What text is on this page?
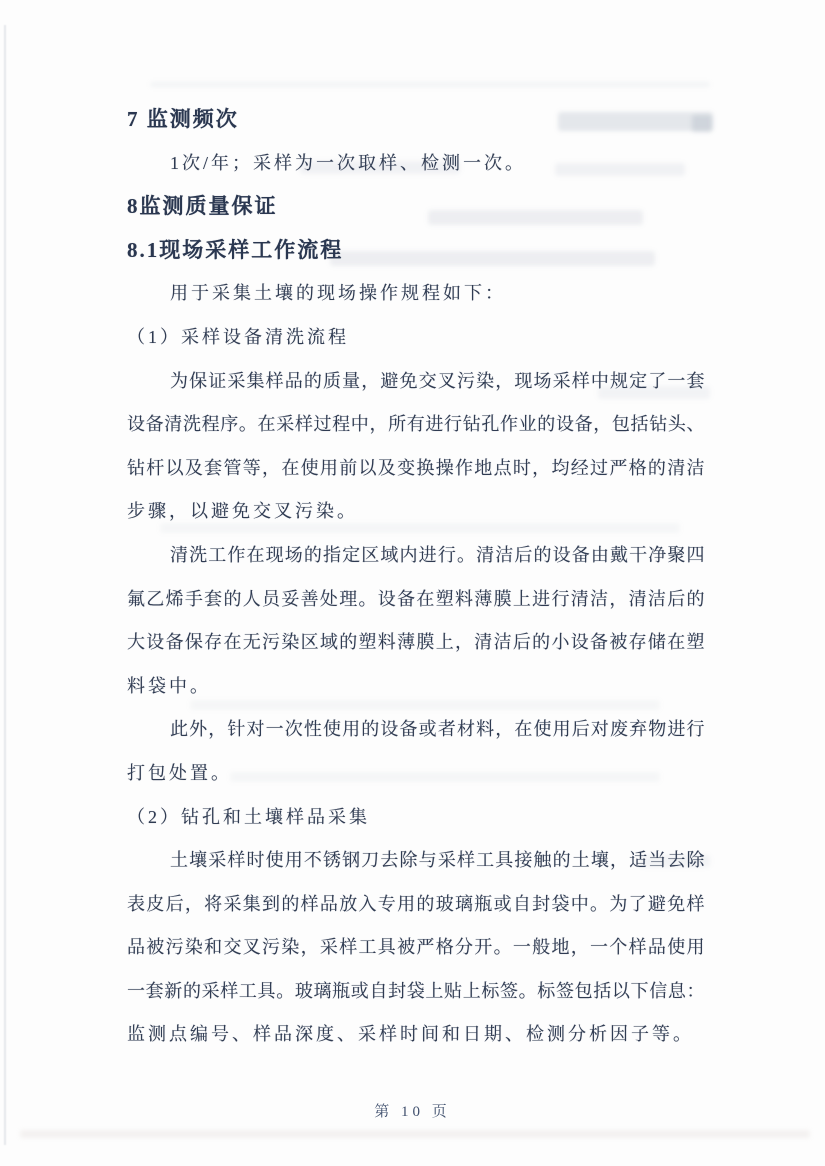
7 监测频次
1次/年；采样为一次取样、检测一次。
8监测质量保证
8.1现场采样工作流程
用于采集土壤的现场操作规程如下：
（1）采样设备清洗流程
为保证采集样品的质量，避免交叉污染，现场采样中规定了一套
设备清洗程序。在采样过程中，所有进行钻孔作业的设备，包括钻头、
钻杆以及套管等，在使用前以及变换操作地点时，均经过严格的清洁
步骤，以避免交叉污染。
清洗工作在现场的指定区域内进行。清洁后的设备由戴干净聚四
氟乙烯手套的人员妥善处理。设备在塑料薄膜上进行清洁，清洁后的
大设备保存在无污染区域的塑料薄膜上，清洁后的小设备被存储在塑
料袋中。
此外，针对一次性使用的设备或者材料，在使用后对废弃物进行
打包处置。
（2）钻孔和土壤样品采集
土壤采样时使用不锈钢刀去除与采样工具接触的土壤，适当去除
表皮后，将采集到的样品放入专用的玻璃瓶或自封袋中。为了避免样
品被污染和交叉污染，采样工具被严格分开。一般地，一个样品使用
一套新的采样工具。玻璃瓶或自封袋上贴上标签。标签包括以下信息：
监测点编号、样品深度、采样时间和日期、检测分析因子等。
第 10 页
